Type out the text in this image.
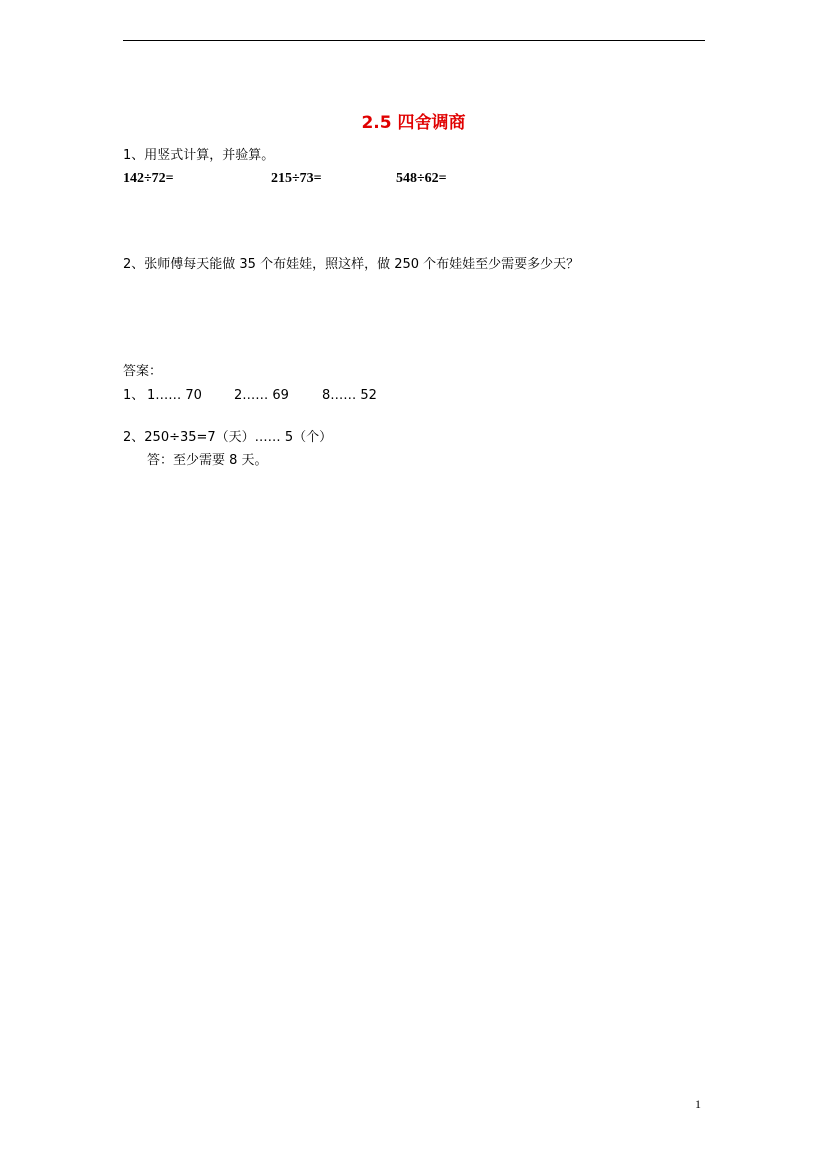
2.5 四舍调商
1、用竖式计算，并验算。
142÷72=	215÷73=	548÷62=
2、张师傅每天能做 35 个布娃娃，照这样，做 250 个布娃娃至少需要多少天？
答案：
1、 1…… 70 2…… 69	8…… 52
2、250÷35=7（天）…… 5（个）
答：至少需要 8 天。
1
